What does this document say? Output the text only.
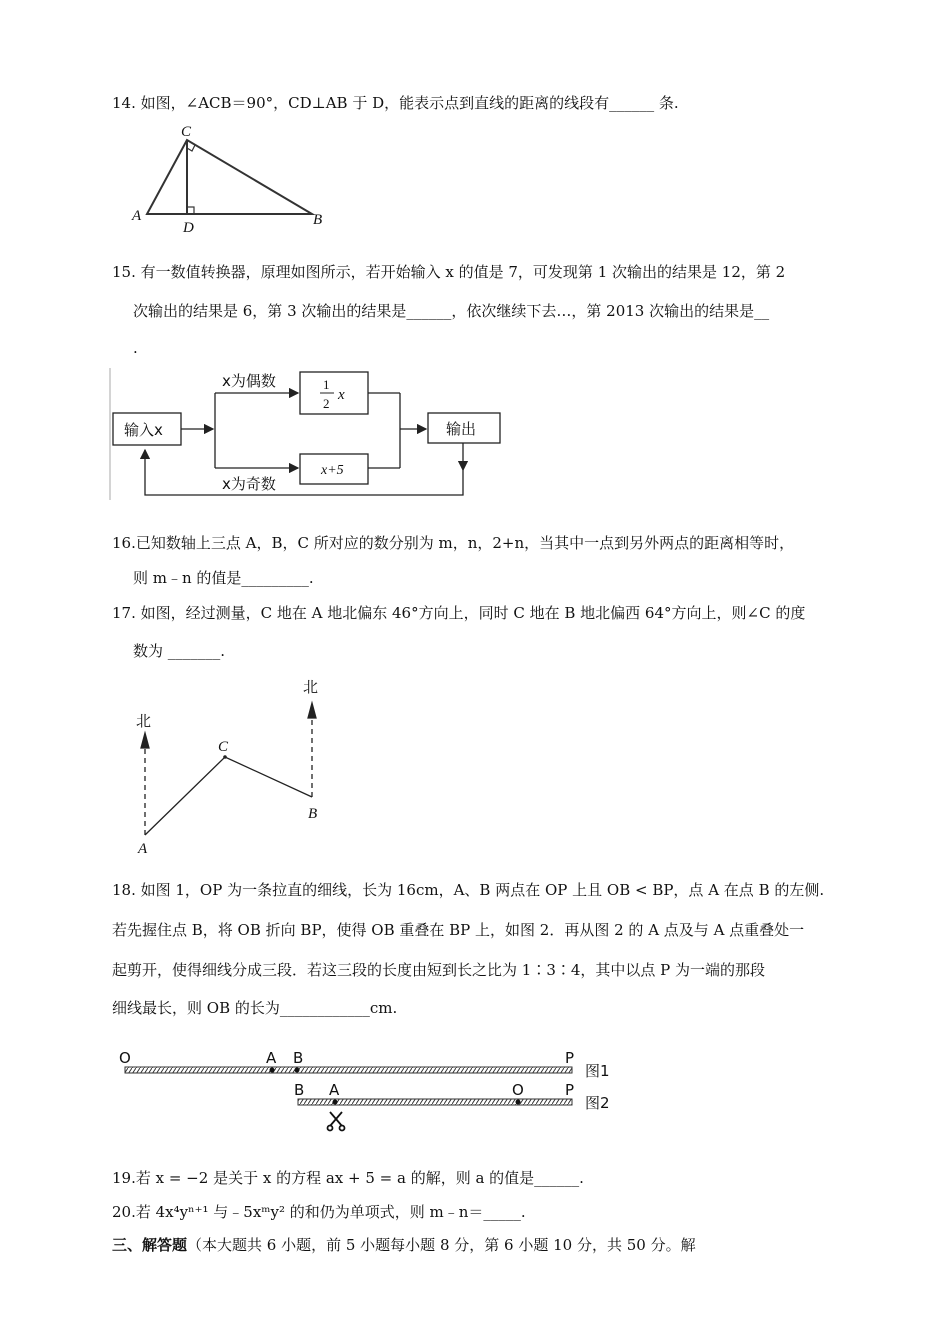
14. 如图，∠ACB＝90°，CD⊥AB 于 D，能表示点到直线的距离的线段有______ 条.
C
A
D	B
15. 有一数值转换器，原理如图所示，若开始输入 x 的值是 7，可发现第 1 次输出的结果是 12，第 2
次输出的结果是 6，第 3 次输出的结果是______，依次继续下去…，第 2013 次输出的结果是__
.
输入x
x为偶数
x为奇数
1
2
x
x+5
输出
16.已知数轴上三点 A，B，C 所对应的数分别为 m，n，2+n，当其中一点到另外两点的距离相等时，
则 m﹣n 的值是_________.
17. 如图，经过测量，C 地在 A 地北偏东 46°方向上，同时 C 地在 B 地北偏西 64°方向上，则∠C 的度
数为 _______.
北
北
A
C
B
18. 如图 1，OP 为一条拉直的细线，长为 16cm，A、B 两点在 OP 上且 OB < BP，点 A 在点 B 的左侧.
若先握住点 B，将 OB 折向 BP，使得 OB 重叠在 BP 上，如图 2．再从图 2 的 A 点及与 A 点重叠处一
起剪开，使得细线分成三段．若这三段的长度由短到长之比为 1∶3∶4，其中以点 P 为一端的那段
细线最长，则 OB 的长为____________cm.
O	A B	P
图1
B A	O	P
图2
19.若 x = −2 是关于 x 的方程 ax + 5 = a 的解，则 a 的值是______.
20.若 4x⁴yⁿ⁺¹ 与﹣5xᵐy² 的和仍为单项式，则 m﹣n＝_____.
三、解答题（本大题共 6 小题，前 5 小题每小题 8 分，第 6 小题 10 分，共 50 分。解
